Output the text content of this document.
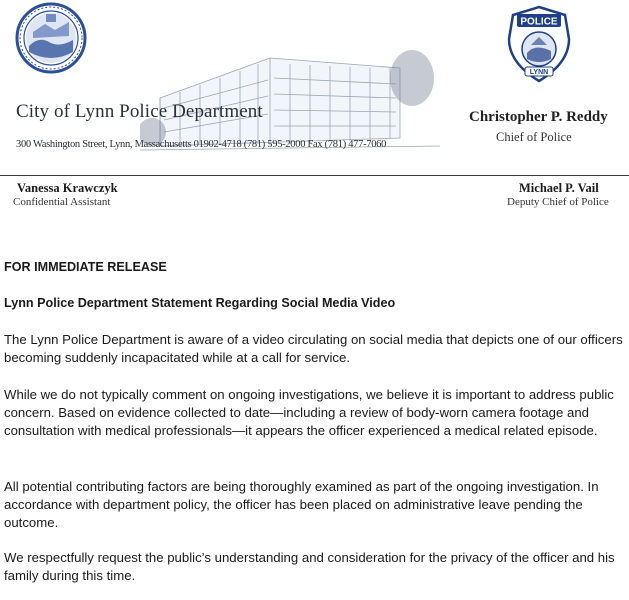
City of Lynn Police Department
300 Washington Street, Lynn, Massachusetts 01902-4718 (781) 595-2000 Fax (781) 477-7060
POLICE
LYNN
Christopher P. Reddy
Chief of Police
Vanessa Krawczyk
Confidential Assistant
Michael P. Vail
Deputy Chief of Police
FOR IMMEDIATE RELEASE
Lynn Police Department Statement Regarding Social Media Video

The Lynn Police Department is aware of a video circulating on social media that depicts one of our officers becoming suddenly incapacitated while at a call for service.

While we do not typically comment on ongoing investigations, we believe it is important to address public concern. Based on evidence collected to date—including a review of body-worn camera footage and consultation with medical professionals—it appears the officer experienced a medical related episode.

All potential contributing factors are being thoroughly examined as part of the ongoing investigation. In accordance with department policy, the officer has been placed on administrative leave pending the outcome.

We respectfully request the public’s understanding and consideration for the privacy of the officer and his family during this time.
